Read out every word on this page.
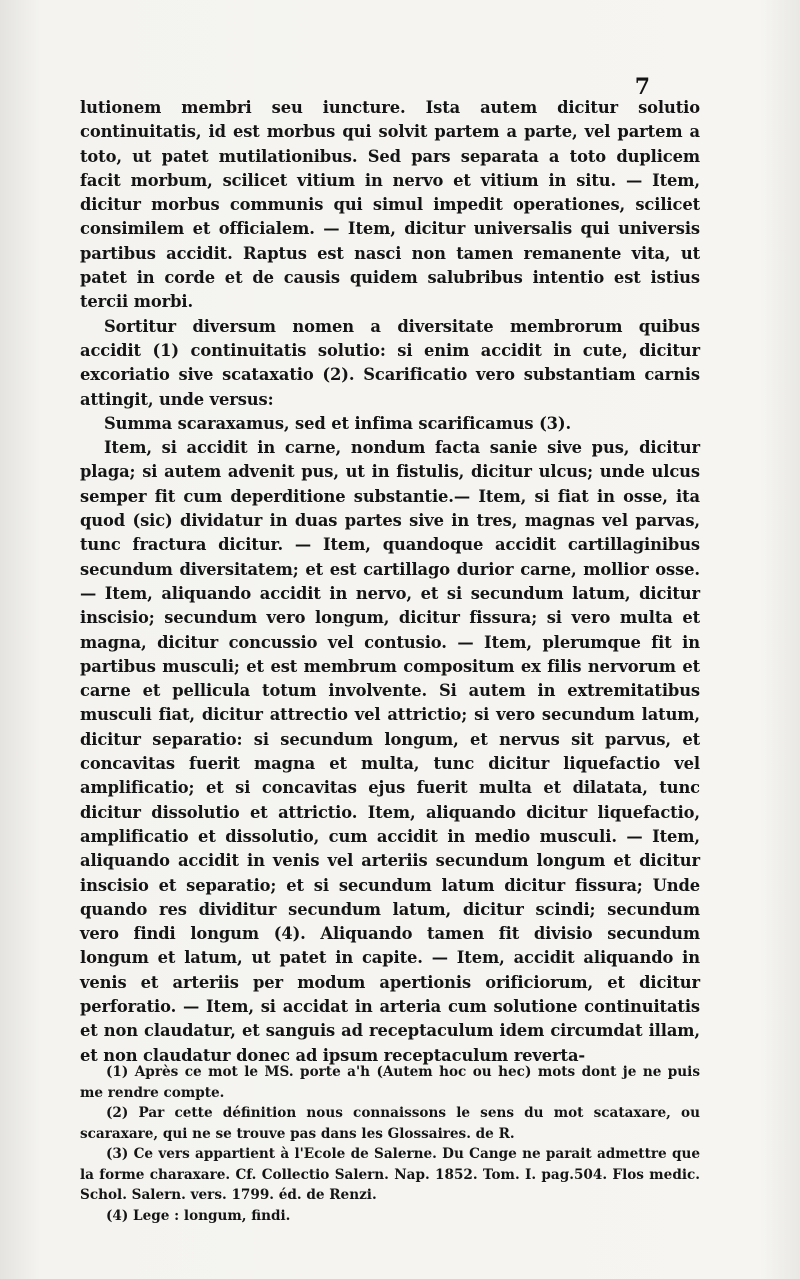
7

lutionem membri seu iuncture. Ista autem dicitur solutio continuitatis, id est morbus qui solvit partem a parte, vel partem a toto, ut patet mutilationibus. Sed pars separata a toto duplicem facit morbum, scilicet vitium in nervo et vitium in situ. — Item, dicitur morbus communis qui simul impedit operationes, scilicet consimilem et officialem. — Item, dicitur universalis qui universis partibus accidit. Raptus est nasci non tamen remanente vita, ut patet in corde et de causis quidem salubribus intentio est istius tercii morbi.

Sortitur diversum nomen a diversitate membrorum quibus accidit (1) continuitatis solutio: si enim accidit in cute, dicitur excoriatio sive scataxatio (2). Scarificatio vero substantiam carnis attingit, unde versus:

Summa scaraxamus, sed et infima scarificamus (3).

Item, si accidit in carne, nondum facta sanie sive pus, dicitur plaga; si autem advenit pus, ut in fistulis, dicitur ulcus; unde ulcus semper fit cum deperditione substantie.— Item, si fiat in osse, ita quod (sic) dividatur in duas partes sive in tres, magnas vel parvas, tunc fractura dicitur. — Item, quandoque accidit cartillaginibus secundum diversitatem; et est cartillago durior carne, mollior osse. — Item, aliquando accidit in nervo, et si secundum latum, dicitur inscisio; secundum vero longum, dicitur fissura; si vero multa et magna, dicitur concussio vel contusio. — Item, plerumque fit in partibus musculi; et est membrum compositum ex filis nervorum et carne et pellicula totum involvente. Si autem in extremitatibus musculi fiat, dicitur attrectio vel attrictio; si vero secundum latum, dicitur separatio: si secundum longum, et nervus sit parvus, et concavitas fuerit magna et multa, tunc dicitur liquefactio vel amplificatio; et si concavitas ejus fuerit multa et dilatata, tunc dicitur dissolutio et attrictio. Item, aliquando dicitur liquefactio, amplificatio et dissolutio, cum accidit in medio musculi. — Item, aliquando accidit in venis vel arteriis secundum longum et dicitur inscisio et separatio; et si secundum latum dicitur fissura; Unde quando res dividitur secundum latum, dicitur scindi; secundum vero findi longum (4). Aliquando tamen fit divisio secundum longum et latum, ut patet in capite. — Item, accidit aliquando in venis et arteriis per modum apertionis orificiorum, et dicitur perforatio. — Item, si accidat in arteria cum solutione continuitatis et non claudatur, et sanguis ad receptaculum idem circumdat illam, et non claudatur donec ad ipsum receptaculum reverta-

(1) Après ce mot le MS. porte a'h (Autem hoc ou hec) mots dont je ne puis me rendre compte.

(2) Par cette définition nous connaissons le sens du mot scataxare, ou scaraxare, qui ne se trouve pas dans les Glossaires. de R.

(3) Ce vers appartient à l'Ecole de Salerne. Du Cange ne parait admettre que la forme charaxare. Cf. Collectio Salern. Nap. 1852. Tom. I. pag.504. Flos medic. Schol. Salern. vers. 1799. éd. de Renzi.

(4) Lege : longum, findi.
